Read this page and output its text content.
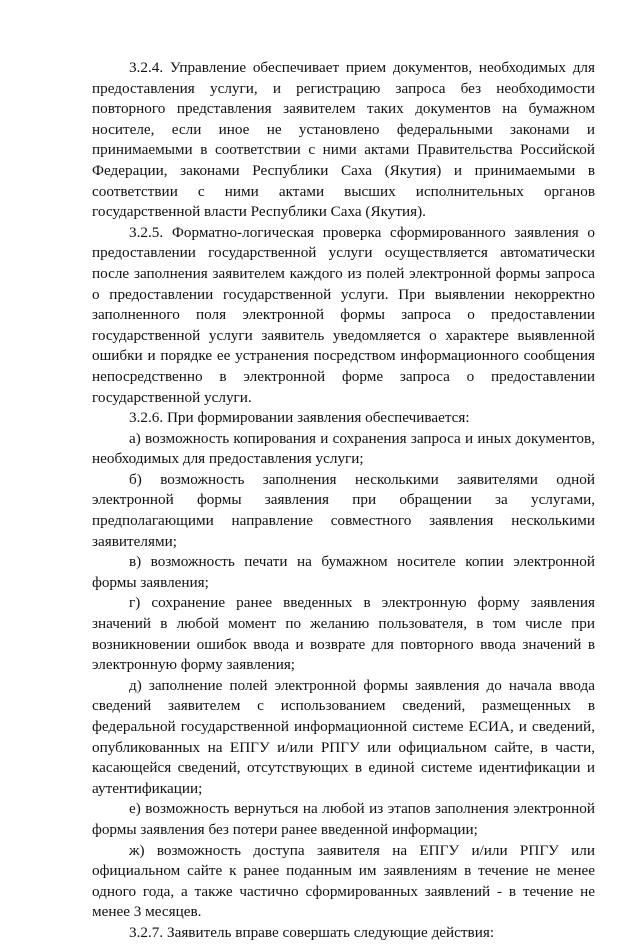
3.2.4. Управление обеспечивает прием документов, необходимых для предоставления услуги, и регистрацию запроса без необходимости повторного представления заявителем таких документов на бумажном носителе, если иное не установлено федеральными законами и принимаемыми в соответствии с ними актами Правительства Российской Федерации, законами Республики Саха (Якутия) и принимаемыми в соответствии с ними актами высших исполнительных органов государственной власти Республики Саха (Якутия).

3.2.5. Форматно-логическая проверка сформированного заявления о предоставлении государственной услуги осуществляется автоматически после заполнения заявителем каждого из полей электронной формы запроса о предоставлении государственной услуги. При выявлении некорректно заполненного поля электронной формы запроса о предоставлении государственной услуги заявитель уведомляется о характере выявленной ошибки и порядке ее устранения посредством информационного сообщения непосредственно в электронной форме запроса о предоставлении государственной услуги.

3.2.6. При формировании заявления обеспечивается:

а) возможность копирования и сохранения запроса и иных документов, необходимых для предоставления услуги;

б) возможность заполнения несколькими заявителями одной электронной формы заявления при обращении за услугами, предполагающими направление совместного заявления несколькими заявителями;

в) возможность печати на бумажном носителе копии электронной формы заявления;

г) сохранение ранее введенных в электронную форму заявления значений в любой момент по желанию пользователя, в том числе при возникновении ошибок ввода и возврате для повторного ввода значений в электронную форму заявления;

д) заполнение полей электронной формы заявления до начала ввода сведений заявителем с использованием сведений, размещенных в федеральной государственной информационной системе ЕСИА, и сведений, опубликованных на ЕПГУ и/или РПГУ или официальном сайте, в части, касающейся сведений, отсутствующих в единой системе идентификации и аутентификации;

е) возможность вернуться на любой из этапов заполнения электронной формы заявления без потери ранее введенной информации;

ж) возможность доступа заявителя на ЕПГУ и/или РПГУ или официальном сайте к ранее поданным им заявлениям в течение не менее одного года, а также частично сформированных заявлений - в течение не менее 3 месяцев.

3.2.7. Заявитель вправе совершать следующие действия:
